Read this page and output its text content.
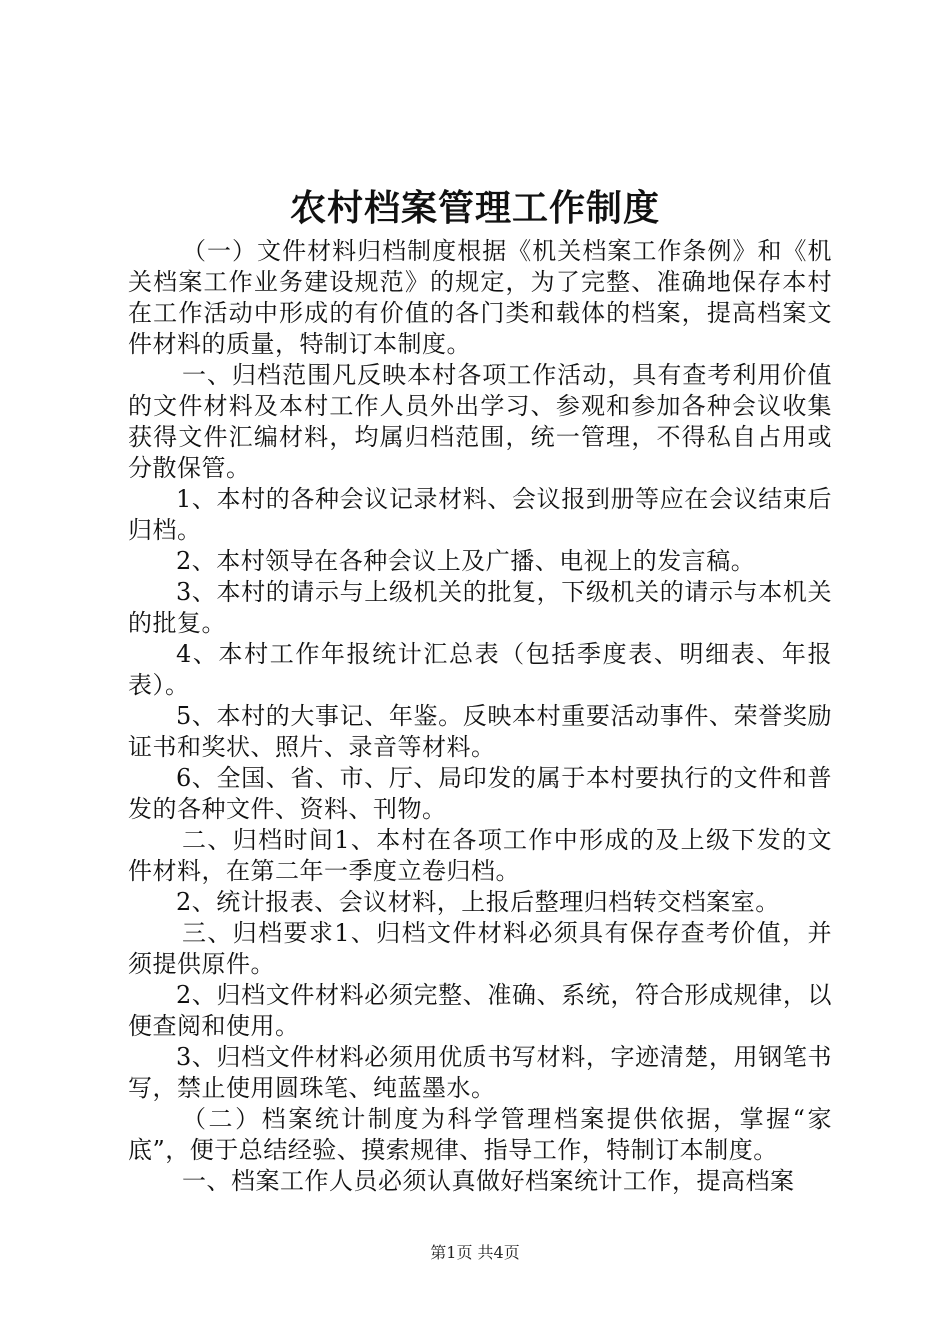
农村档案管理工作制度

（一）文件材料归档制度根据《机关档案工作条例》和《机关档案工作业务建设规范》的规定，为了完整、准确地保存本村在工作活动中形成的有价值的各门类和载体的档案，提高档案文件材料的质量，特制订本制度。

一、归档范围凡反映本村各项工作活动，具有查考利用价值的文件材料及本村工作人员外出学习、参观和参加各种会议收集获得文件汇编材料，均属归档范围，统一管理，不得私自占用或分散保管。

1、本村的各种会议记录材料、会议报到册等应在会议结束后归档。

2、本村领导在各种会议上及广播、电视上的发言稿。

3、本村的请示与上级机关的批复，下级机关的请示与本机关的批复。

4、本村工作年报统计汇总表（包括季度表、明细表、年报表）。

5、本村的大事记、年鉴。反映本村重要活动事件、荣誉奖励证书和奖状、照片、录音等材料。

6、全国、省、市、厅、局印发的属于本村要执行的文件和普发的各种文件、资料、刊物。

二、归档时间1、本村在各项工作中形成的及上级下发的文件材料，在第二年一季度立卷归档。

2、统计报表、会议材料，上报后整理归档转交档案室。

三、归档要求1、归档文件材料必须具有保存查考价值，并须提供原件。

2、归档文件材料必须完整、准确、系统，符合形成规律，以便查阅和使用。

3、归档文件材料必须用优质书写材料，字迹清楚，用钢笔书写，禁止使用圆珠笔、纯蓝墨水。

（二）档案统计制度为科学管理档案提供依据，掌握“家底”，便于总结经验、摸索规律、指导工作，特制订本制度。

一、档案工作人员必须认真做好档案统计工作，提高档案

第1页 共4页
